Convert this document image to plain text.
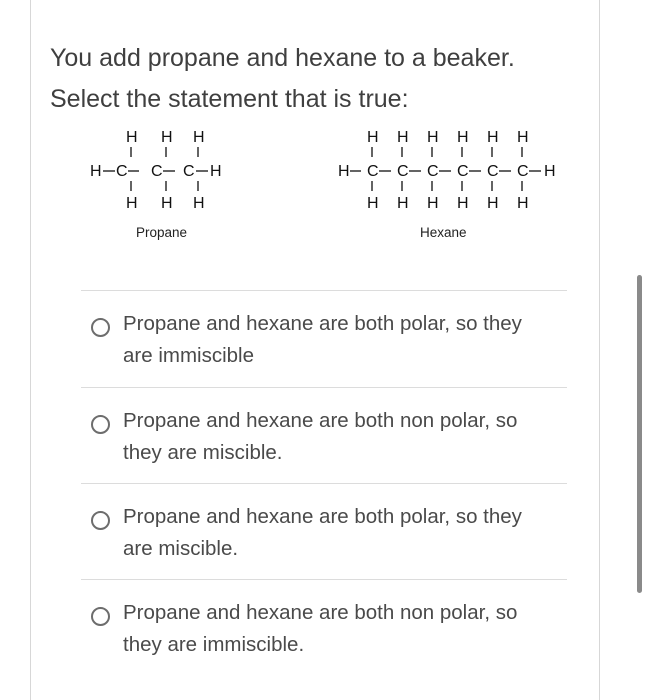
You add propane and hexane to a beaker.
Select the statement that is true:
H H H
H C C C H
H H H
Propane
H H H H H H
H C C C C C C H
H H H H H H
Hexane
Propane and hexane are both polar, so they
are immiscible
Propane and hexane are both non polar, so
they are miscible.
Propane and hexane are both polar, so they
are miscible.
Propane and hexane are both non polar, so
they are immiscible.
